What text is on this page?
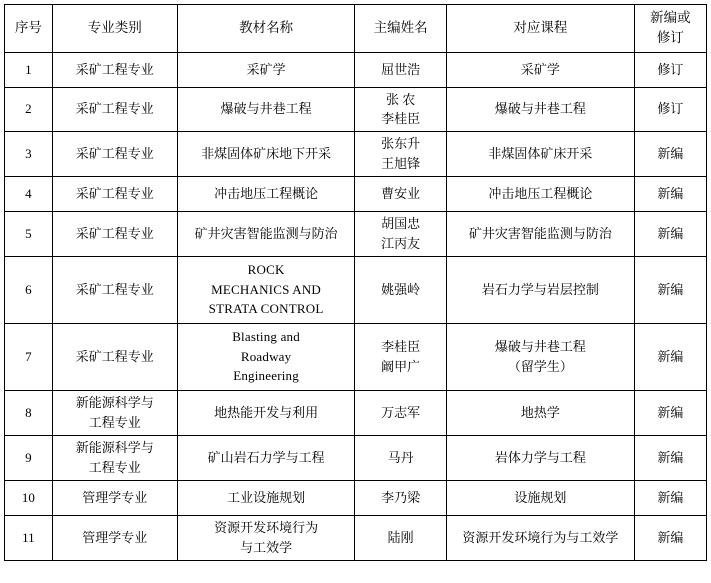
序号	专业类别	教材名称	主编姓名	对应课程	新编或
修订

1	采矿工程专业	采矿学	屈世浩	采矿学	修订

2	采矿工程专业	爆破与井巷工程	张 农
李桂臣	爆破与井巷工程	修订

3	采矿工程专业	非煤固体矿床地下开采	张东升
王旭锋	非煤固体矿床开采	新编

4	采矿工程专业	冲击地压工程概论	曹安业	冲击地压工程概论	新编

5	采矿工程专业	矿井灾害智能监测与防治	胡国忠
江丙友	矿井灾害智能监测与防治	新编

6	采矿工程专业	ROCK
MECHANICS AND
STRATA CONTROL	姚强岭	岩石力学与岩层控制	新编

7	采矿工程专业	Blasting and
Roadway
Engineering	李桂臣
阚甲广	爆破与井巷工程
（留学生）	新编

8	新能源科学与
工程专业	地热能开发与利用	万志军	地热学	新编

9	新能源科学与
工程专业	矿山岩石力学与工程	马丹	岩体力学与工程	新编

10	管理学专业	工业设施规划	李乃梁	设施规划	新编

11	管理学专业	资源开发环境行为
与工效学	陆刚	资源开发环境行为与工效学	新编
